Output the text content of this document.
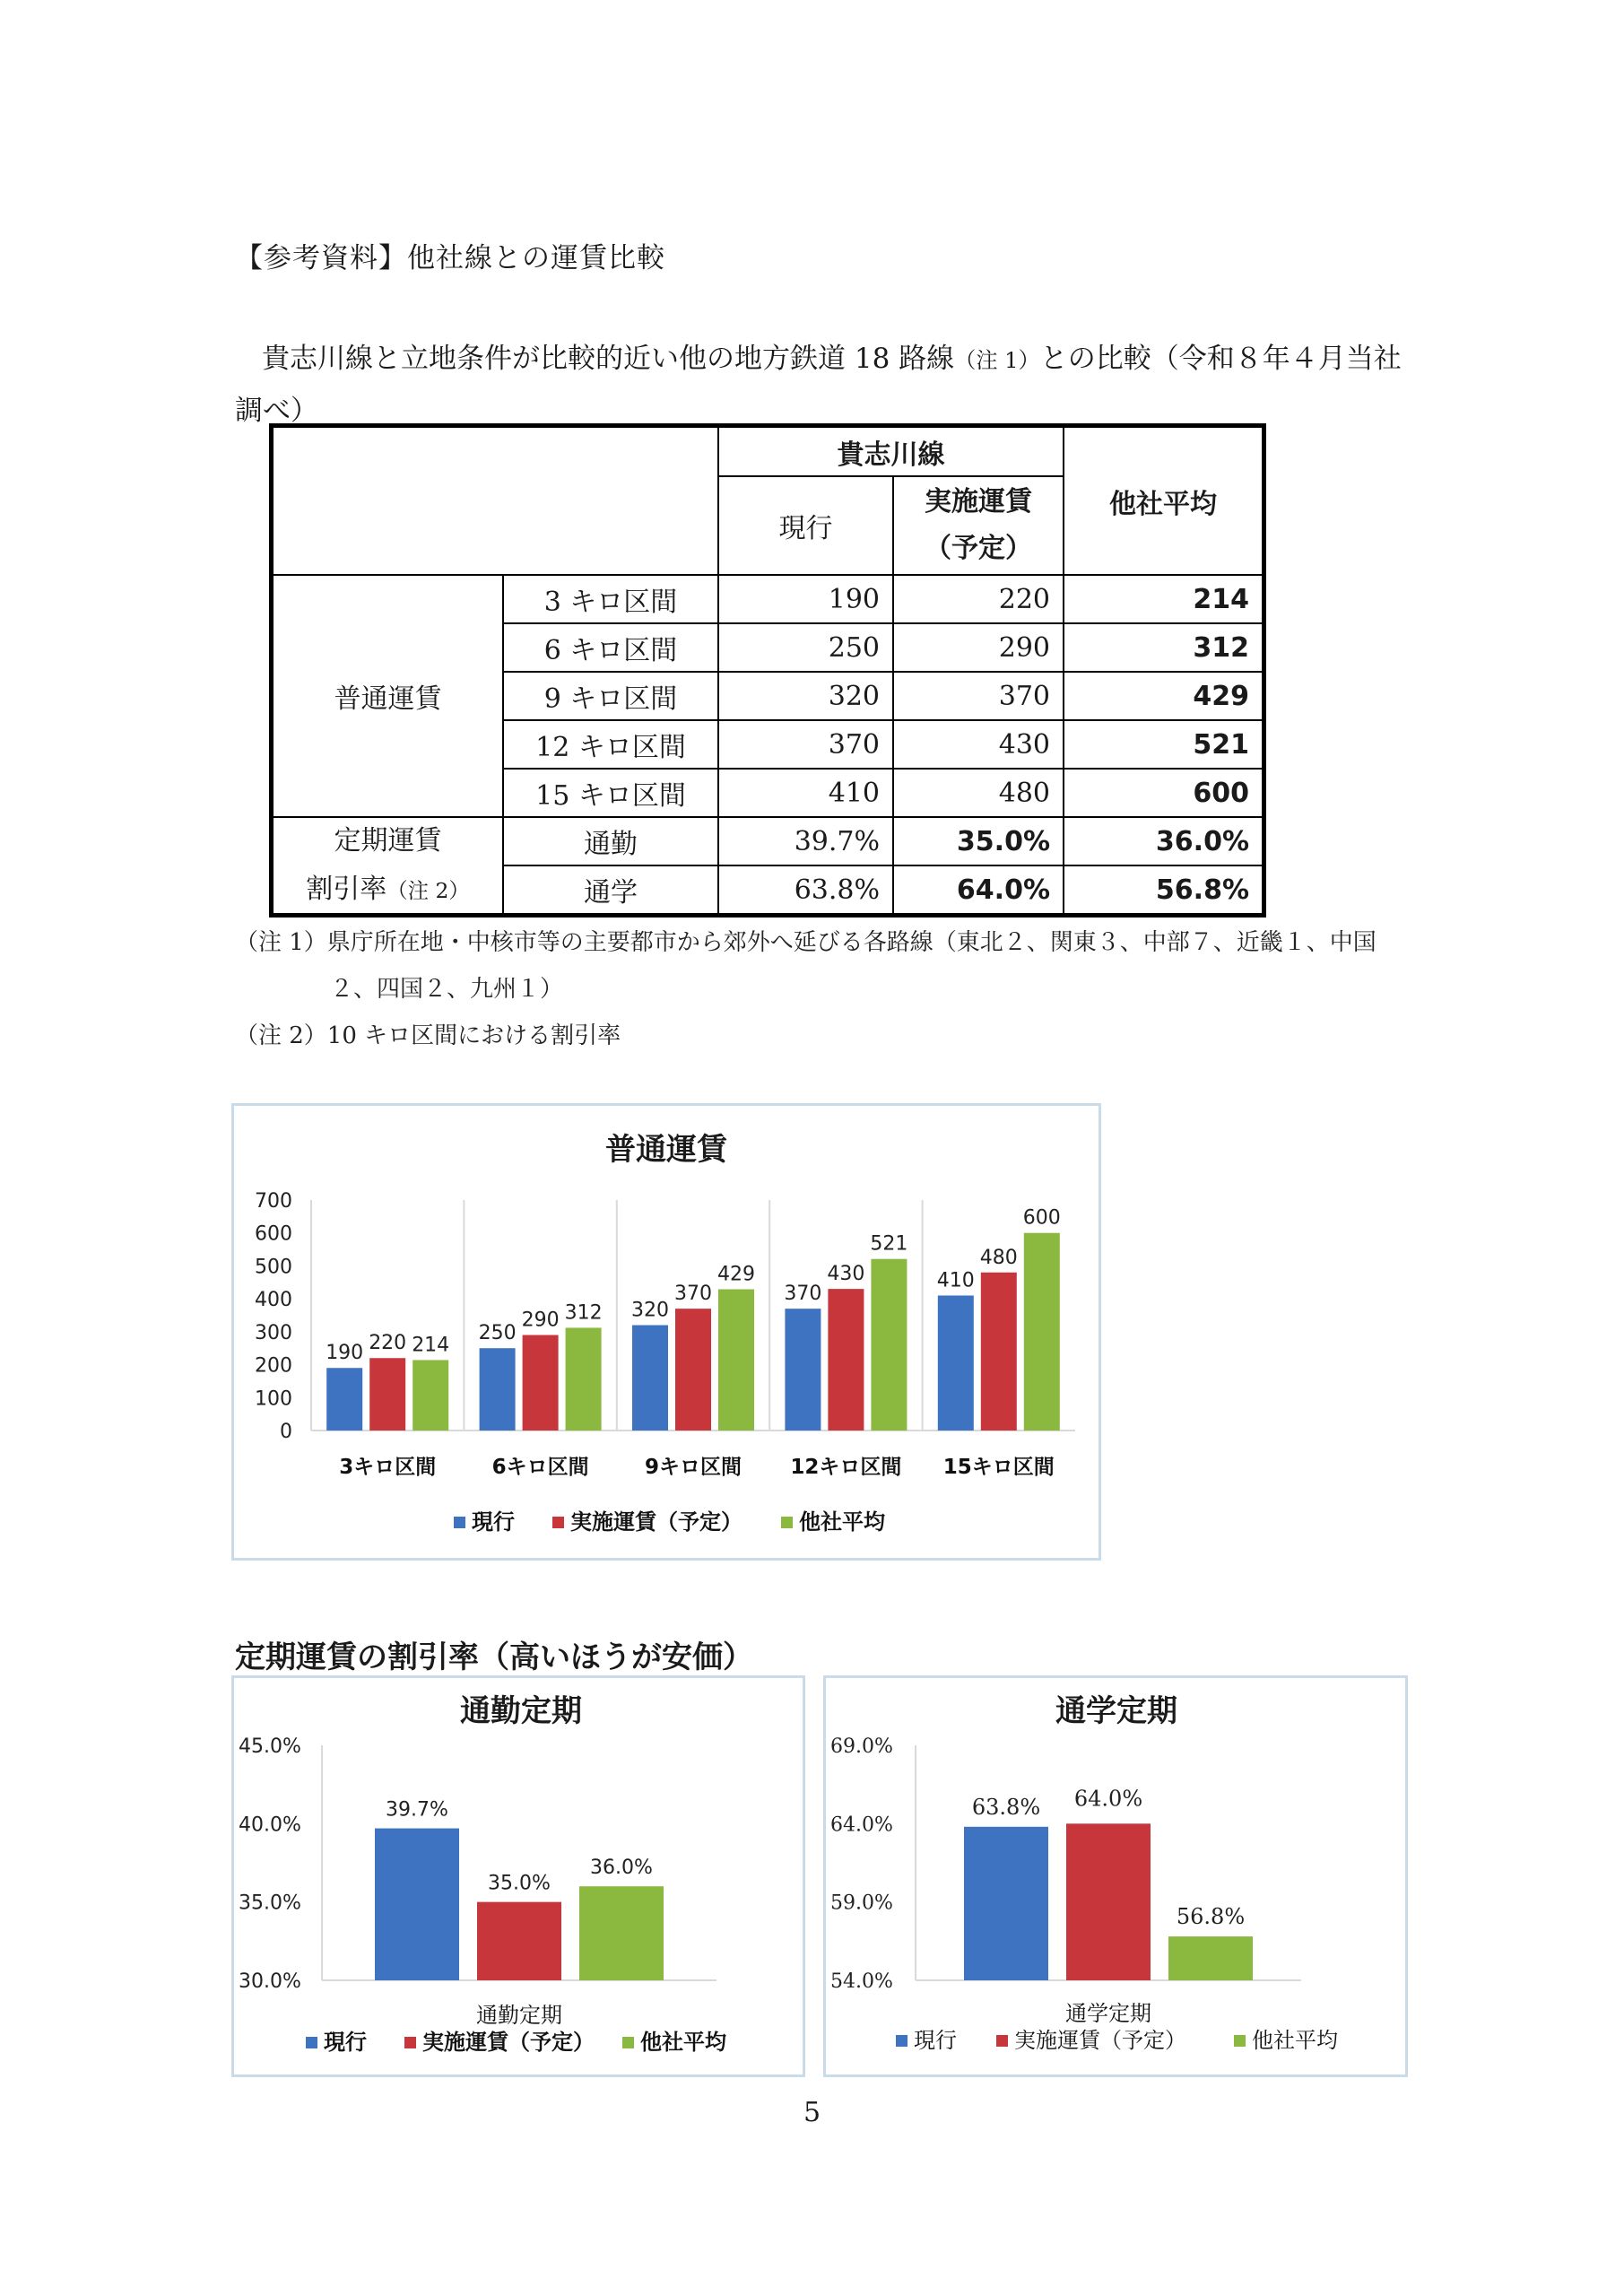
【参考資料】他社線との運賃比較
貴志川線と立地条件が比較的近い他の地方鉄道 18 路線（注 1）との比較（令和８年４月当社調べ）
貴志川線
現行
実施運賃
（予定）
他社平均
普通運賃
3 キロ区間	190	220	214
6 キロ区間	250	290	312
9 キロ区間	320	370	429
12 キロ区間	370	430	521
15 キロ区間	410	480	600
定期運賃
割引率（注 2）
通勤	39.7%	35.0%	36.0%
通学	63.8%	64.0%	56.8%
（注 1）県庁所在地・中核市等の主要都市から郊外へ延びる各路線（東北２、関東３、中部７、近畿１、中国
２、四国２、九州１）
（注 2）10 キロ区間における割引率
普通運賃
0
100
200
300
400
500
600
700
190 220 214
3キロ区間
250
290 312
6キロ区間
320
370
429
9キロ区間
370
430
521
12キロ区間
410
480
600
15キロ区間
現行	実施運賃（予定）	他社平均
定期運賃の割引率（高いほうが安価）
通勤定期
30.0%
35.0%
40.0%
45.0%
39.7%
35.0%
36.0%
通勤定期
現行	実施運賃（予定） 他社平均
通学定期
54.0%
59.0%
64.0%
69.0%
63.8% 64.0%
56.8%
通学定期
現行	実施運賃（予定）	他社平均
5
